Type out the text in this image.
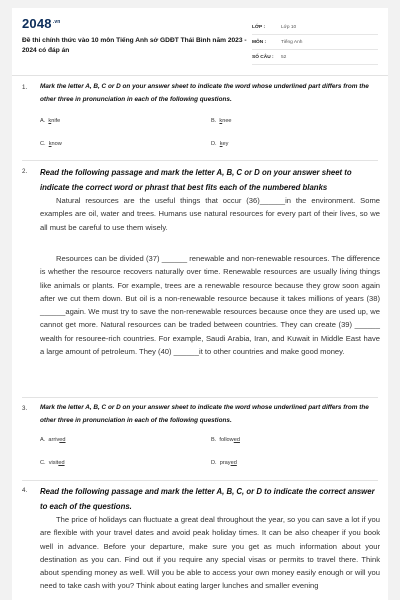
$2048^{.vn}$
Đề thi chính thức vào 10 môn Tiếng Anh sở GDĐT Thái Bình năm 2023 - 2024 có đáp án
LỚP :	Lớp 10
MÔN :	Tiếng Anh
SỐ CÂU :	52
1. Mark the letter A, B, C or D on your answer sheet to indicate the word whose underlined part differs from the other three in pronunciation in each of the following questions.
A. knife	B. knee
C. know	D. key
2. Read the following passage and mark the letter A, B, C or D on your answer sheet to indicate the correct word or phrast that best fits each of the numbered blanks
Natural resources are the useful things that occur (36)______in the environment. Some examples are oil, water and trees. Humans use natural resources for every part of their lives, so we all must be careful to use them wisely.
Resources can be divided (37) ______ renewable and non-renewable resources. The difference is whether the resource recovers naturally over time. Renewable resources are usually living things like animals or plants. For example, trees are a renewable resource because they grow soon again after we cut them down. But oil is a non-renewable resource because it takes millions of years (38) ______again. We must try to save the non-renewable resources because once they are used up, we cannot get more. Natural resources can be traded between countries. They can create (39) ______ wealth for resouree-rich countries. For example, Saudi Arabia, Iran, and Kuwait in Middle East have a large amount of petroleum. They (40) ______it to other countries and make good money.
3. Mark the letter A, B, C or D on your answer sheet to indicate the word whose underlined part differs from the other three in pronunciation in each of the following questions.
A. arrived	B. followed
C. visited	D. prayed
4. Read the following passage and mark the letter A, B, C, or D to indicate the correct answer to each of the questions.
The price of holidays can fluctuate a great deal throughout the year, so you can save a lot if you are flexible with your travel dates and avoid peak holiday times. It can be also cheaper if you book well in advance. Before your departure, make sure you get as much information about your destination as you can. Find out if you require any special visas or permits to travel there. Think about spending money as well. Will you be able to access your own money easily enough or will you need to take cash with you? Think about eating larger lunches and smaller evening
